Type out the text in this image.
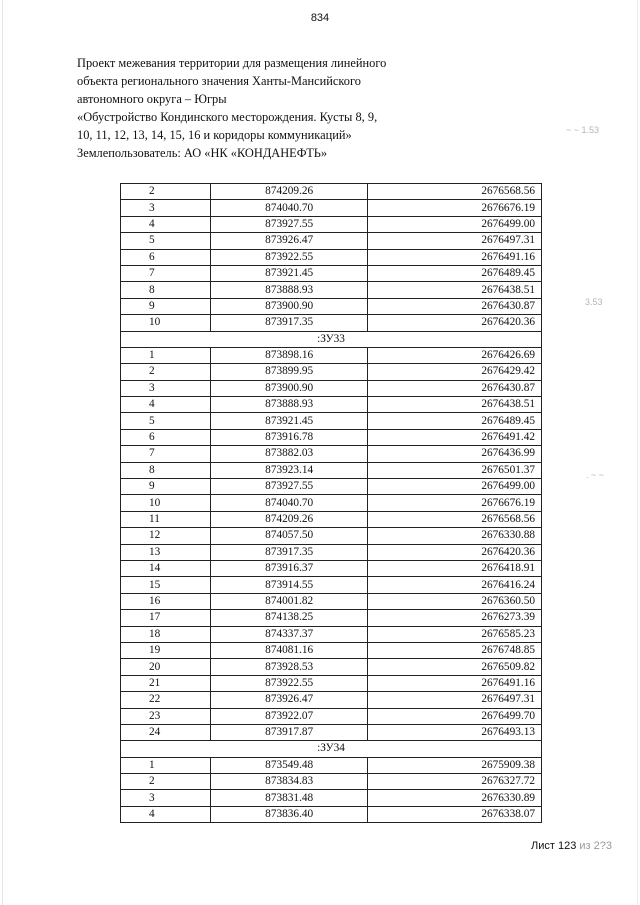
834
Проект межевания территории для размещения линейного
объекта регионального значения Ханты-Мансийского
автономного округа – Югры
«Обустройство Кондинского месторождения. Кусты 8, 9,
10, 11, 12, 13, 14, 15, 16 и коридоры коммуникаций»
Землепользователь: АО «НК «КОНДАНЕФТЬ»
2	874209.26	2676568.56
3	874040.70	2676676.19
4	873927.55	2676499.00
5	873926.47	2676497.31
6	873922.55	2676491.16
7	873921.45	2676489.45
8	873888.93	2676438.51
9	873900.90	2676430.87
10	873917.35	2676420.36
:ЗУ33		
1	873898.16	2676426.69
2	873899.95	2676429.42
3	873900.90	2676430.87
4	873888.93	2676438.51
5	873921.45	2676489.45
6	873916.78	2676491.42
7	873882.03	2676436.99
8	873923.14	2676501.37
9	873927.55	2676499.00
10	874040.70	2676676.19
11	874209.26	2676568.56
12	874057.50	2676330.88
13	873917.35	2676420.36
14	873916.37	2676418.91
15	873914.55	2676416.24
16	874001.82	2676360.50
17	874138.25	2676273.39
18	874337.37	2676585.23
19	874081.16	2676748.85
20	873928.53	2676509.82
21	873922.55	2676491.16
22	873926.47	2676497.31
23	873922.07	2676499.70
24	873917.87	2676493.13
:ЗУ34		
1	873549.48	2675909.38
2	873834.83	2676327.72
3	873831.48	2676330.89
4	873836.40	2676338.07
Лист 123 из 2?3
~ ~ 1.53
3.53
. ~ ~
